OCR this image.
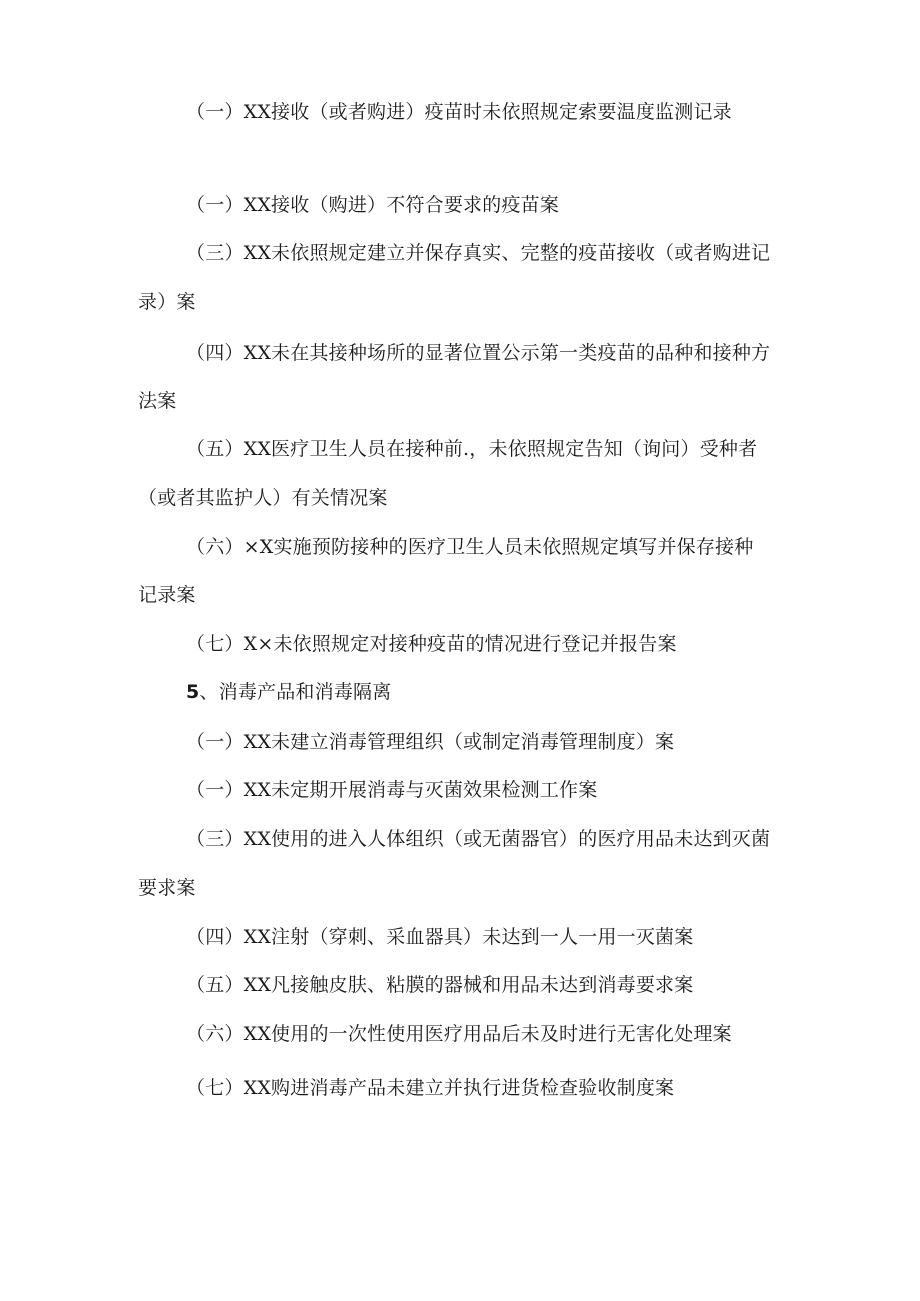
（一）XX接收（或者购进）疫苗时未依照规定索要温度监测记录
（一）XX接收（购进）不符合要求的疫苗案
（三）XX未依照规定建立并保存真实、完整的疫苗接收（或者购进记
录）案
（四）XX未在其接种场所的显著位置公示第一类疫苗的品种和接种方
法案
（五）XX医疗卫生人员在接种前.，未依照规定告知（询问）受种者
（或者其监护人）有关情况案
（六）×X实施预防接种的医疗卫生人员未依照规定填写并保存接种
记录案
（七）X×未依照规定对接种疫苗的情况进行登记并报告案
5、消毒产品和消毒隔离
（一）XX未建立消毒管理组织（或制定消毒管理制度）案
（一）XX未定期开展消毒与灭菌效果检测工作案
（三）XX使用的进入人体组织（或无菌器官）的医疗用品未达到灭菌
要求案
（四）XX注射（穿刺、采血器具）未达到一人一用一灭菌案
（五）XX凡接触皮肤、粘膜的器械和用品未达到消毒要求案
（六）XX使用的一次性使用医疗用品后未及时进行无害化处理案
（七）XX购进消毒产品未建立并执行进货检查验收制度案
